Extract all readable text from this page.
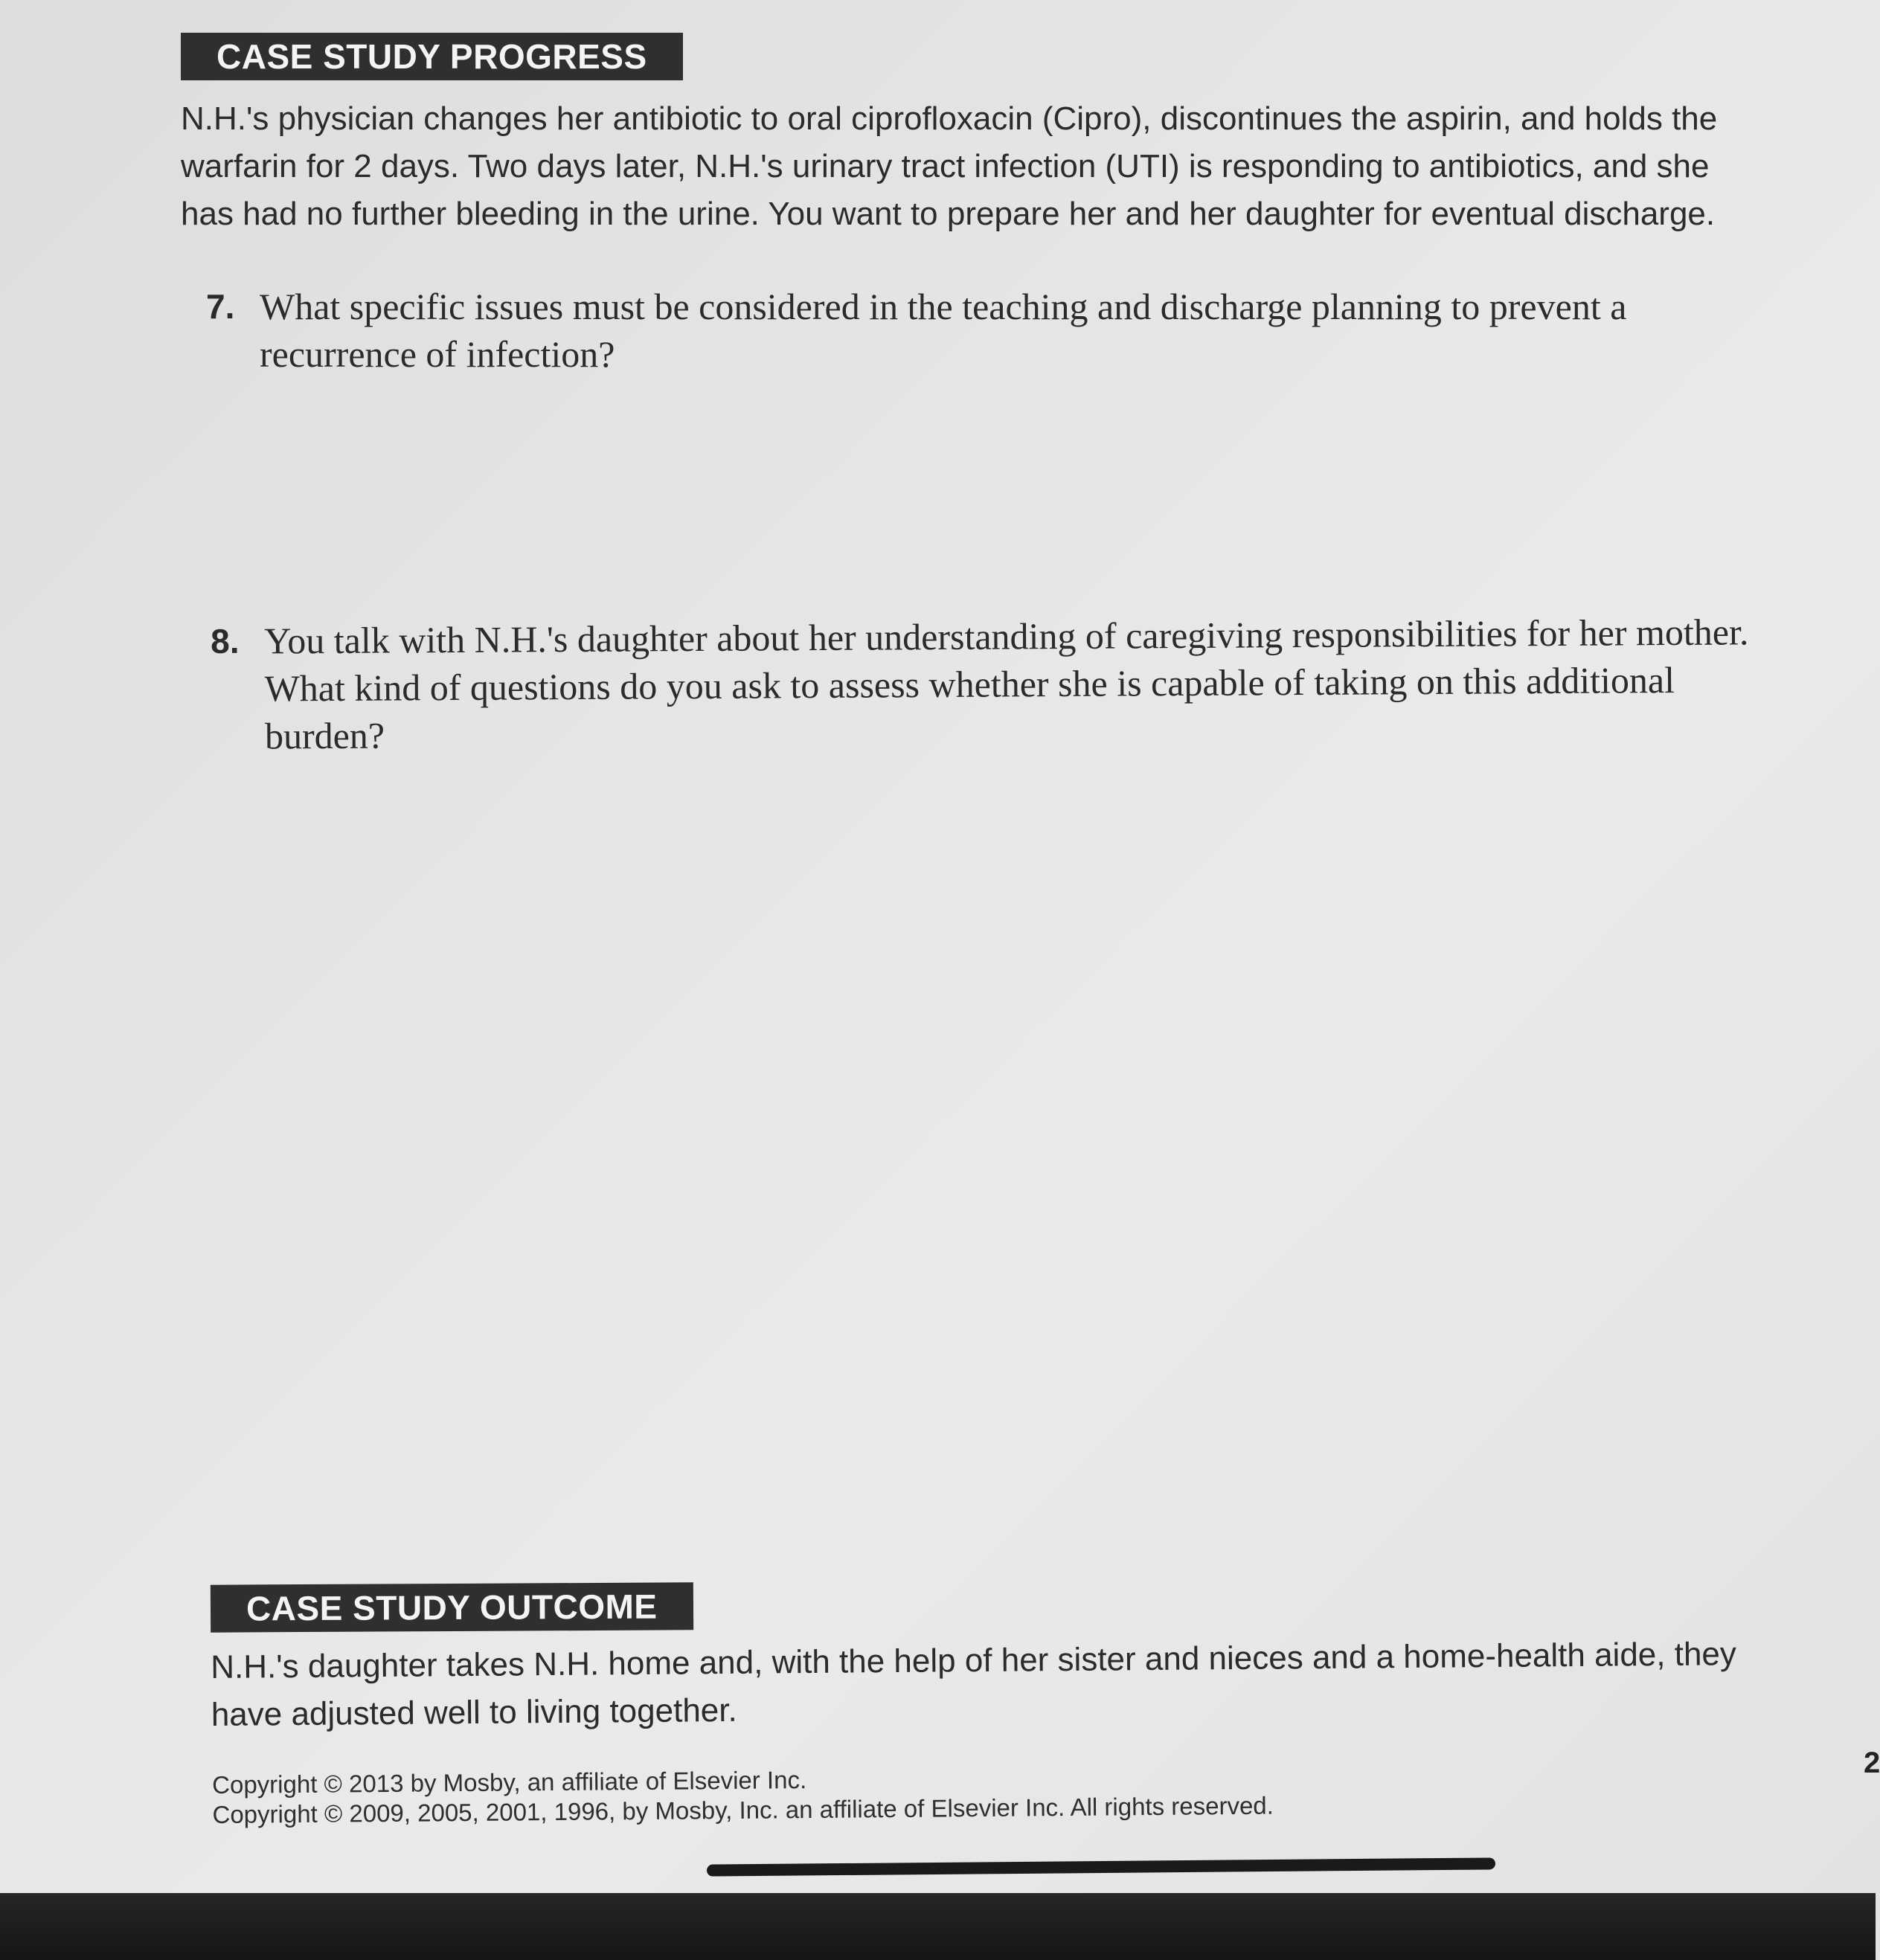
CASE STUDY PROGRESS
N.H.'s physician changes her antibiotic to oral ciprofloxacin (Cipro), discontinues the aspirin, and holds the warfarin for 2 days. Two days later, N.H.'s urinary tract infection (UTI) is responding to antibiotics, and she has had no further bleeding in the urine. You want to prepare her and her daughter for eventual discharge.
7. What specific issues must be considered in the teaching and discharge planning to prevent a recurrence of infection?
8. You talk with N.H.'s daughter about her understanding of caregiving responsibilities for her mother. What kind of questions do you ask to assess whether she is capable of taking on this additional burden?
CASE STUDY OUTCOME
N.H.'s daughter takes N.H. home and, with the help of her sister and nieces and a home-health aide, they have adjusted well to living together.
Copyright © 2013 by Mosby, an affiliate of Elsevier Inc.
Copyright © 2009, 2005, 2001, 1996, by Mosby, Inc. an affiliate of Elsevier Inc. All rights reserved.
2
